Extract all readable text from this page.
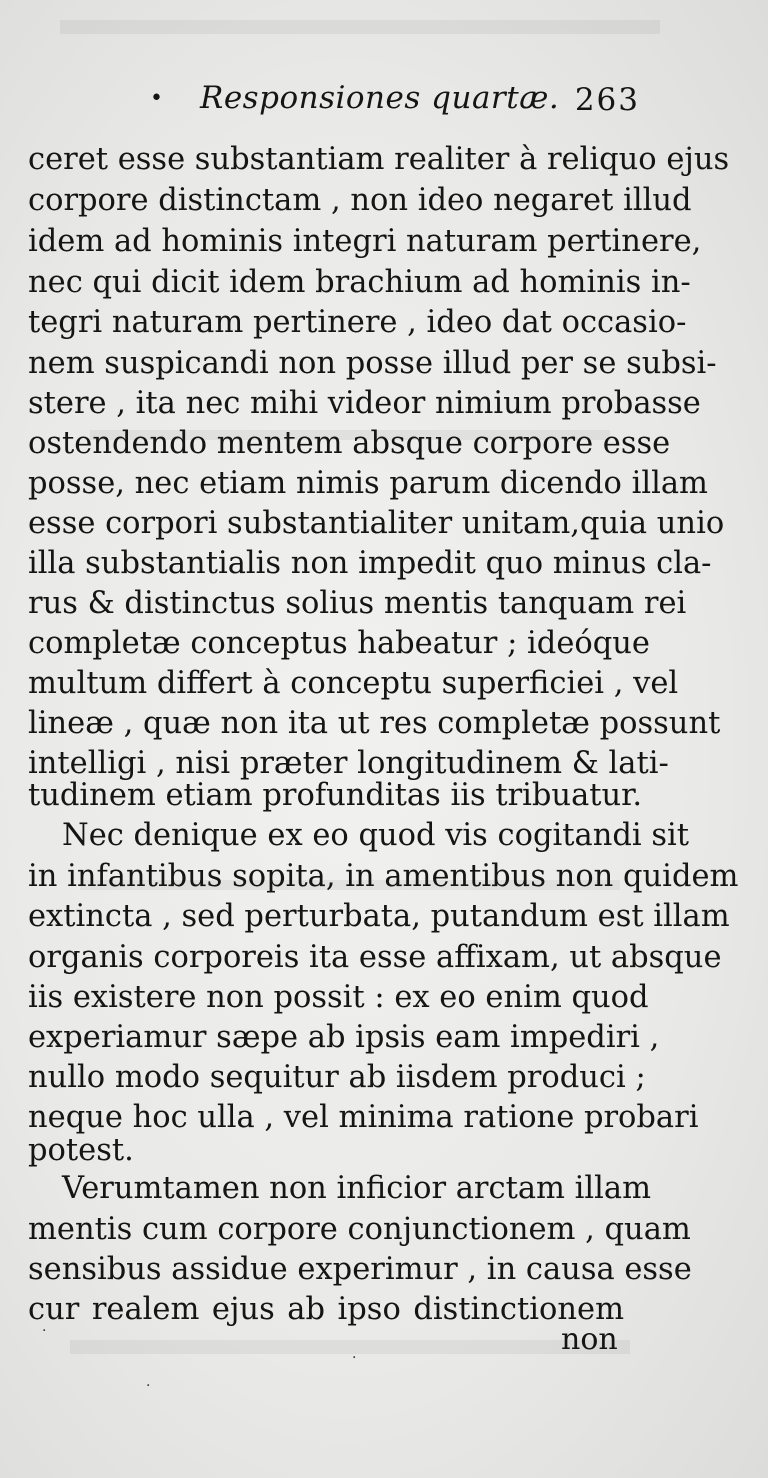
• Responsiones quartæ. 263
ceret esse substantiam realiter à reliquo ejus
corpore distinctam , non ideo negaret illud
idem ad hominis integri naturam pertinere,
nec qui dicit idem brachium ad hominis in-
tegri naturam pertinere , ideo dat occasio-
nem suspicandi non posse illud per se subsi-
stere , ita nec mihi videor nimium probasse
ostendendo mentem absque corpore esse
posse, nec etiam nimis parum dicendo illam
esse corpori substantialiter unitam,quia unio
illa substantialis non impedit quo minus cla-
rus & distinctus solius mentis tanquam rei
completæ conceptus habeatur ; ideóque
multum differt à conceptu superficiei , vel
lineæ , quæ non ita ut res completæ possunt
intelligi , nisi præter longitudinem & lati-
tudinem etiam profunditas iis tribuatur.
Nec denique ex eo quod vis cogitandi sit
in infantibus sopita, in amentibus non quidem
extincta , sed perturbata, putandum est illam
organis corporeis ita esse affixam, ut absque
iis existere non possit : ex eo enim quod
experiamur sæpe ab ipsis eam impediri ,
nullo modo sequitur ab iisdem produci ;
neque hoc ulla , vel minima ratione probari
potest.
Verumtamen non inficior arctam illam
mentis cum corpore conjunctionem , quam
sensibus assidue experimur , in causa esse
cur realem ejus ab ipso distinctionem
non
·
·
·
